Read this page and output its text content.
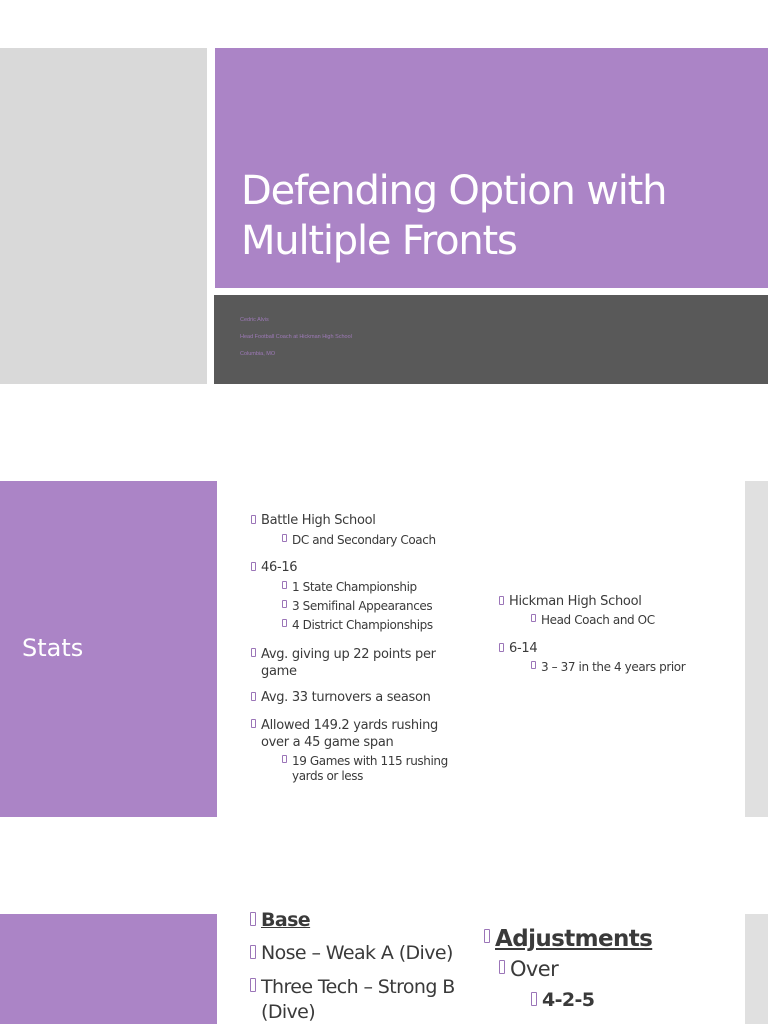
Defending Option with
Multiple Fronts
Cedric Alvis
Head Football Coach at Hickman High School
Columbia, MO
Stats
Battle High School
DC and Secondary Coach
46-16
1 State Championship
3 Semifinal Appearances
4 District Championships
Avg. giving up 22 points per game
Avg. 33 turnovers a season
Allowed 149.2 yards rushing over a 45 game span
19 Games with 115 rushing yards or less
Hickman High School
Head Coach and OC
6-14
3 – 37 in the 4 years prior
Base
Nose – Weak A (Dive)
Three Tech – Strong B (Dive)
Adjustments
Over
4-2-5
